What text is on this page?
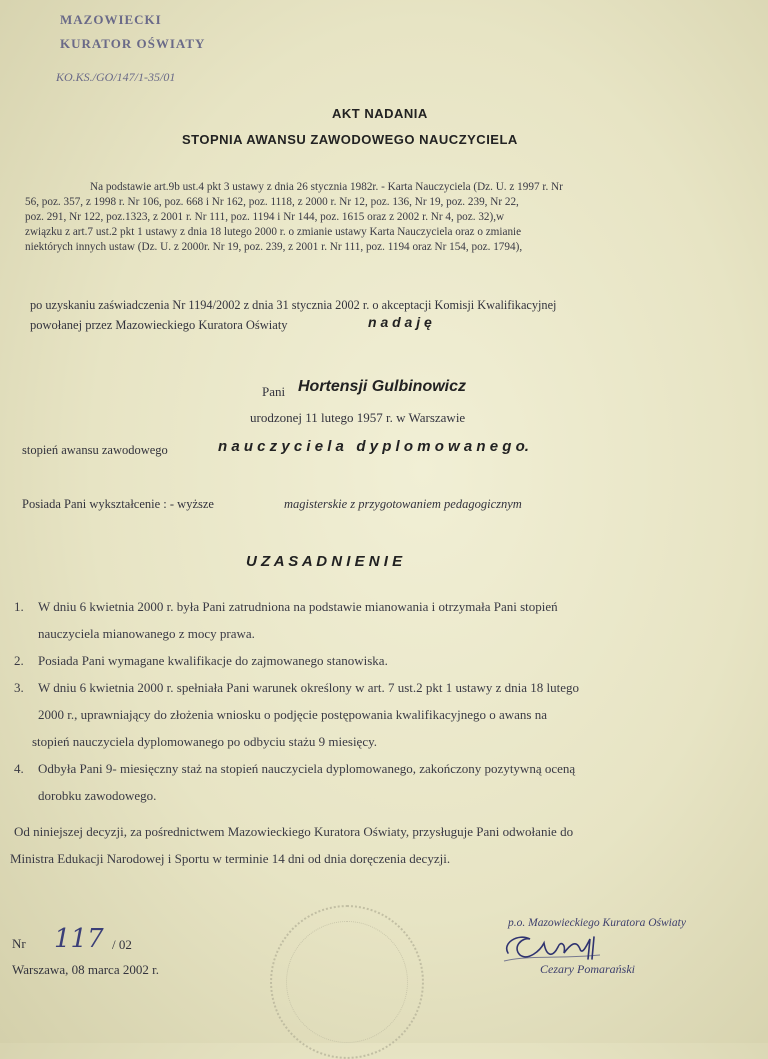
MAZOWIECKI
KURATOR OŚWIATY
KO.KS./GO/147/1-35/01
AKT NADANIA
STOPNIA AWANSU ZAWODOWEGO NAUCZYCIELA
Na podstawie art.9b ust.4 pkt 3 ustawy z dnia 26 stycznia 1982r. - Karta Nauczyciela (Dz. U. z 1997 r. Nr
56, poz. 357, z 1998 r. Nr 106, poz. 668 i Nr 162, poz. 1118, z 2000 r. Nr 12, poz. 136, Nr 19, poz. 239, Nr 22,
poz. 291, Nr 122, poz.1323, z 2001 r. Nr 111, poz. 1194 i Nr 144, poz. 1615 oraz z 2002 r. Nr 4, poz. 32),w
związku z art.7 ust.2 pkt 1 ustawy z dnia 18 lutego 2000 r. o zmianie ustawy Karta Nauczyciela oraz o zmianie
niektórych innych ustaw (Dz. U. z 2000r. Nr 19, poz. 239, z 2001 r. Nr 111, poz. 1194 oraz Nr 154, poz. 1794),
po uzyskaniu zaświadczenia Nr 1194/2002 z dnia 31 stycznia 2002 r. o akceptacji Komisji Kwalifikacyjnej
powołanej przez Mazowieckiego Kuratora Oświaty	n a d a j ę
Pani Hortensji Gulbinowicz
urodzonej 11 lutego 1957 r. w Warszawie
stopień awansu zawodowego	n a u c z y c i e l a   d y p l o m o w a n e g o.
Posiada Pani wykształcenie : - wyższe	magisterskie z przygotowaniem pedagogicznym
U Z A S A D N I E N I E
1. W dniu 6 kwietnia 2000 r. była Pani zatrudniona na podstawie mianowania i otrzymała Pani stopień
nauczyciela mianowanego z mocy prawa.
2. Posiada Pani wymagane kwalifikacje do zajmowanego stanowiska.
3. W dniu 6 kwietnia 2000 r. spełniała Pani warunek określony w art. 7 ust.2 pkt 1 ustawy z dnia 18 lutego
2000 r., uprawniający do złożenia wniosku o podjęcie postępowania kwalifikacyjnego o awans na
stopień nauczyciela dyplomowanego po odbyciu stażu 9 miesięcy.
4. Odbyła Pani 9- miesięczny staż na stopień nauczyciela dyplomowanego, zakończony pozytywną oceną
dorobku zawodowego.
Od niniejszej decyzji, za pośrednictwem Mazowieckiego Kuratora Oświaty, przysługuje Pani odwołanie do
Ministra Edukacji Narodowej i Sportu w terminie 14 dni od dnia doręczenia decyzji.
Nr 117 / 02
Warszawa, 08 marca 2002 r.
p.o. Mazowieckiego Kuratora Oświaty
Cezary Pomarański
